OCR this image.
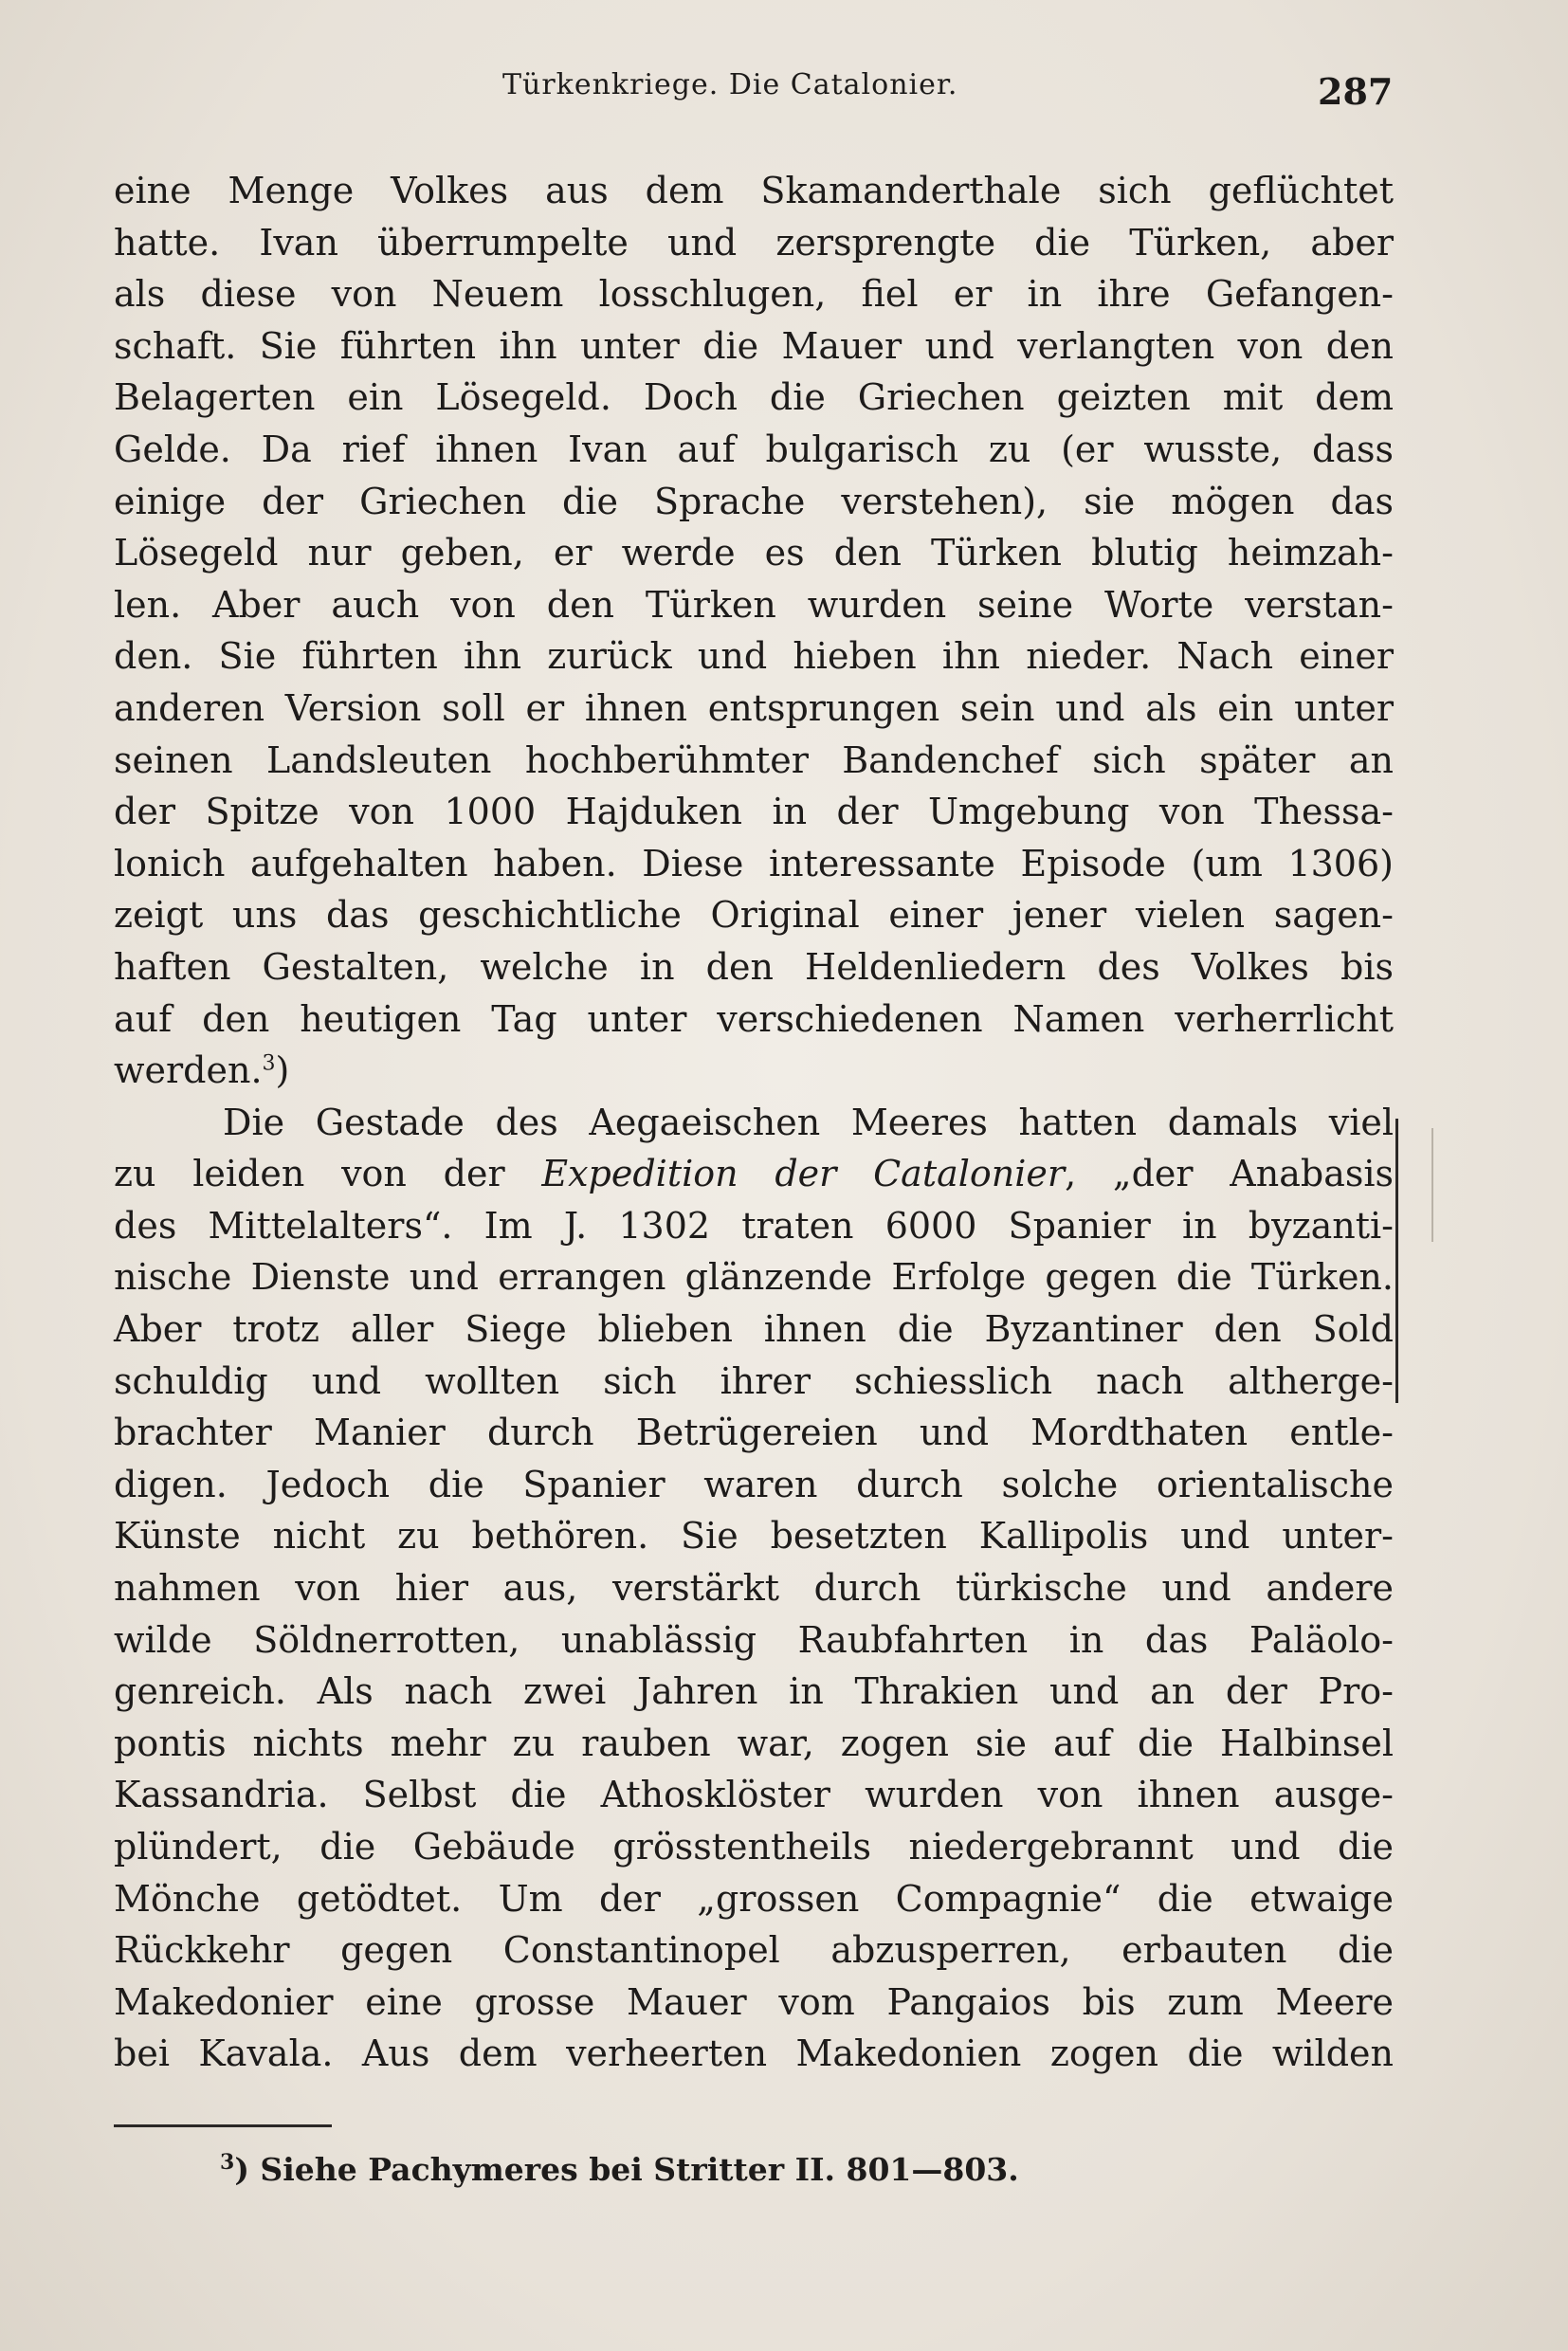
Türkenkriege. Die Catalonier.	287
eine Menge Volkes aus dem Skamanderthale sich geflüchtet
hatte. Ivan überrumpelte und zersprengte die Türken, aber
als diese von Neuem losschlugen, fiel er in ihre Gefangen-
schaft. Sie führten ihn unter die Mauer und verlangten von den
Belagerten ein Lösegeld. Doch die Griechen geizten mit dem
Gelde. Da rief ihnen Ivan auf bulgarisch zu (er wusste, dass
einige der Griechen die Sprache verstehen), sie mögen das
Lösegeld nur geben, er werde es den Türken blutig heimzah-
len. Aber auch von den Türken wurden seine Worte verstan-
den. Sie führten ihn zurück und hieben ihn nieder. Nach einer
anderen Version soll er ihnen entsprungen sein und als ein unter
seinen Landsleuten hochberühmter Bandenchef sich später an
der Spitze von 1000 Hajduken in der Umgebung von Thessa-
lonich aufgehalten haben. Diese interessante Episode (um 1306)
zeigt uns das geschichtliche Original einer jener vielen sagen-
haften Gestalten, welche in den Heldenliedern des Volkes bis
auf den heutigen Tag unter verschiedenen Namen verherrlicht
werden.$^3$)
Die Gestade des Aegaeischen Meeres hatten damals viel
zu leiden von der Expedition der Catalonier, „der Anabasis
des Mittelalters“. Im J. 1302 traten 6000 Spanier in byzanti-
nische Dienste und errangen glänzende Erfolge gegen die Türken.
Aber trotz aller Siege blieben ihnen die Byzantiner den Sold
schuldig und wollten sich ihrer schiesslich nach altherge-
brachter Manier durch Betrügereien und Mordthaten entle-
digen. Jedoch die Spanier waren durch solche orientalische
Künste nicht zu bethören. Sie besetzten Kallipolis und unter-
nahmen von hier aus, verstärkt durch türkische und andere
wilde Söldnerrotten, unablässig Raubfahrten in das Paläolo-
genreich. Als nach zwei Jahren in Thrakien und an der Pro-
pontis nichts mehr zu rauben war, zogen sie auf die Halbinsel
Kassandria. Selbst die Athosklöster wurden von ihnen ausge-
plündert, die Gebäude grösstentheils niedergebrannt und die
Mönche getödtet. Um der „grossen Compagnie“ die etwaige
Rückkehr gegen Constantinopel abzusperren, erbauten die
Makedonier eine grosse Mauer vom Pangaios bis zum Meere
bei Kavala. Aus dem verheerten Makedonien zogen die wilden
$^3$) Siehe Pachymeres bei Stritter II. 801—803.
